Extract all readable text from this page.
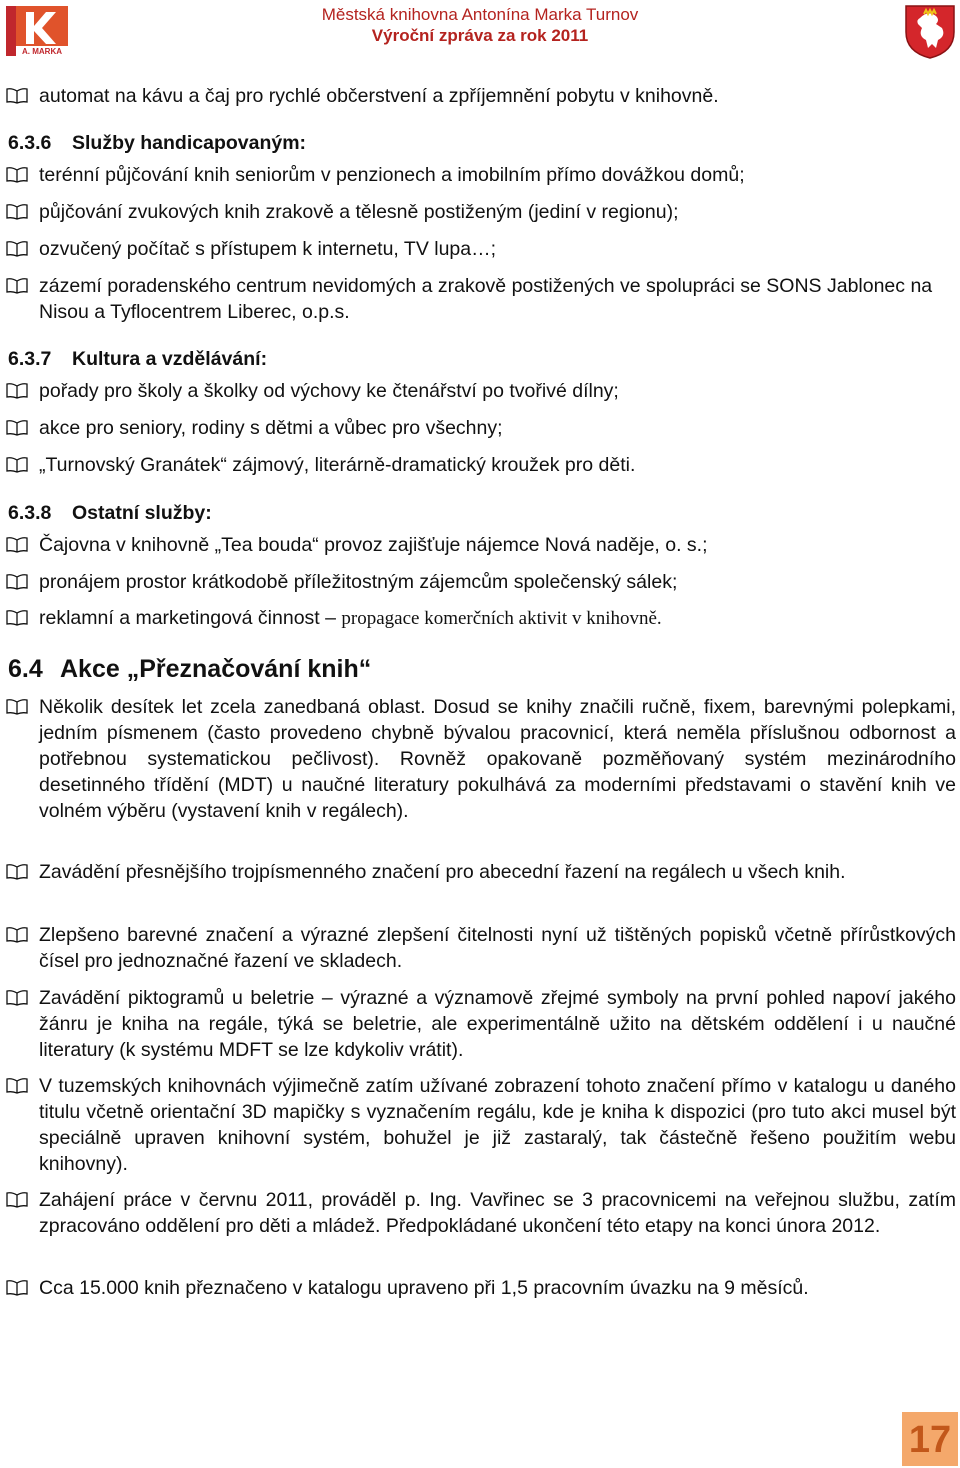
A. MARKA
Městská knihovna Antonína Marka Turnov
Výroční zpráva za rok 2011
automat na kávu a čaj pro rychlé občerstvení a zpříjemnění pobytu v knihovně.
6.3.6 Služby handicapovaným:
terénní půjčování knih seniorům v penzionech a imobilním přímo dovážkou domů;
půjčování zvukových knih zrakově a tělesně postiženým (jediní v regionu);
ozvučený počítač s přístupem k internetu, TV lupa…;
zázemí poradenského centrum nevidomých a zrakově postižených ve spolupráci se SONS Jablonec na Nisou a Tyflocentrem Liberec, o.p.s.
6.3.7 Kultura a vzdělávání:
pořady pro školy a školky od výchovy ke čtenářství po tvořivé dílny;
akce pro seniory, rodiny s dětmi a vůbec pro všechny;
„Turnovský Granátek“ zájmový, literárně-dramatický kroužek pro děti.
6.3.8 Ostatní služby:
Čajovna v knihovně „Tea bouda“ provoz zajišťuje nájemce Nová naděje, o. s.;
pronájem prostor krátkodobě příležitostným zájemcům společenský sálek;
reklamní a marketingová činnost – propagace komerčních aktivit v knihovně.
6.4 Akce „Přeznačování knih“
Několik desítek let zcela zanedbaná oblast. Dosud se knihy značili ručně, fixem, barevnými polepkami, jedním písmenem (často provedeno chybně bývalou pracovnicí, která neměla příslušnou odbornost a potřebnou systematickou pečlivost). Rovněž opakovaně pozměňovaný systém mezinárodního desetinného třídění (MDT) u naučné literatury pokulhává za moderními představami o stavění knih ve volném výběru (vystavení knih v regálech).
Zavádění přesnějšího trojpísmenného značení pro abecední řazení na regálech u všech knih.
Zlepšeno barevné značení a výrazné zlepšení čitelnosti nyní už tištěných popisků včetně přírůstkových čísel pro jednoznačné řazení ve skladech.
Zavádění piktogramů u beletrie – výrazné a významově zřejmé symboly na první pohled napoví jakého žánru je kniha na regále, týká se beletrie, ale experimentálně užito na dětském oddělení i u naučné literatury (k systému MDFT se lze kdykoliv vrátit).
V tuzemských knihovnách výjimečně zatím užívané zobrazení tohoto značení přímo v katalogu u daného titulu včetně orientační 3D mapičky s vyznačením regálu, kde je kniha k dispozici (pro tuto akci musel být speciálně upraven knihovní systém, bohužel je již zastaralý, tak částečně řešeno použitím webu knihovny).
Zahájení práce v červnu 2011, prováděl p. Ing. Vavřinec se 3 pracovnicemi na veřejnou službu, zatím zpracováno oddělení pro děti a mládež. Předpokládané ukončení této etapy na konci února 2012.
Cca 15.000 knih přeznačeno v katalogu upraveno při 1,5 pracovním úvazku na 9 měsíců.
17
